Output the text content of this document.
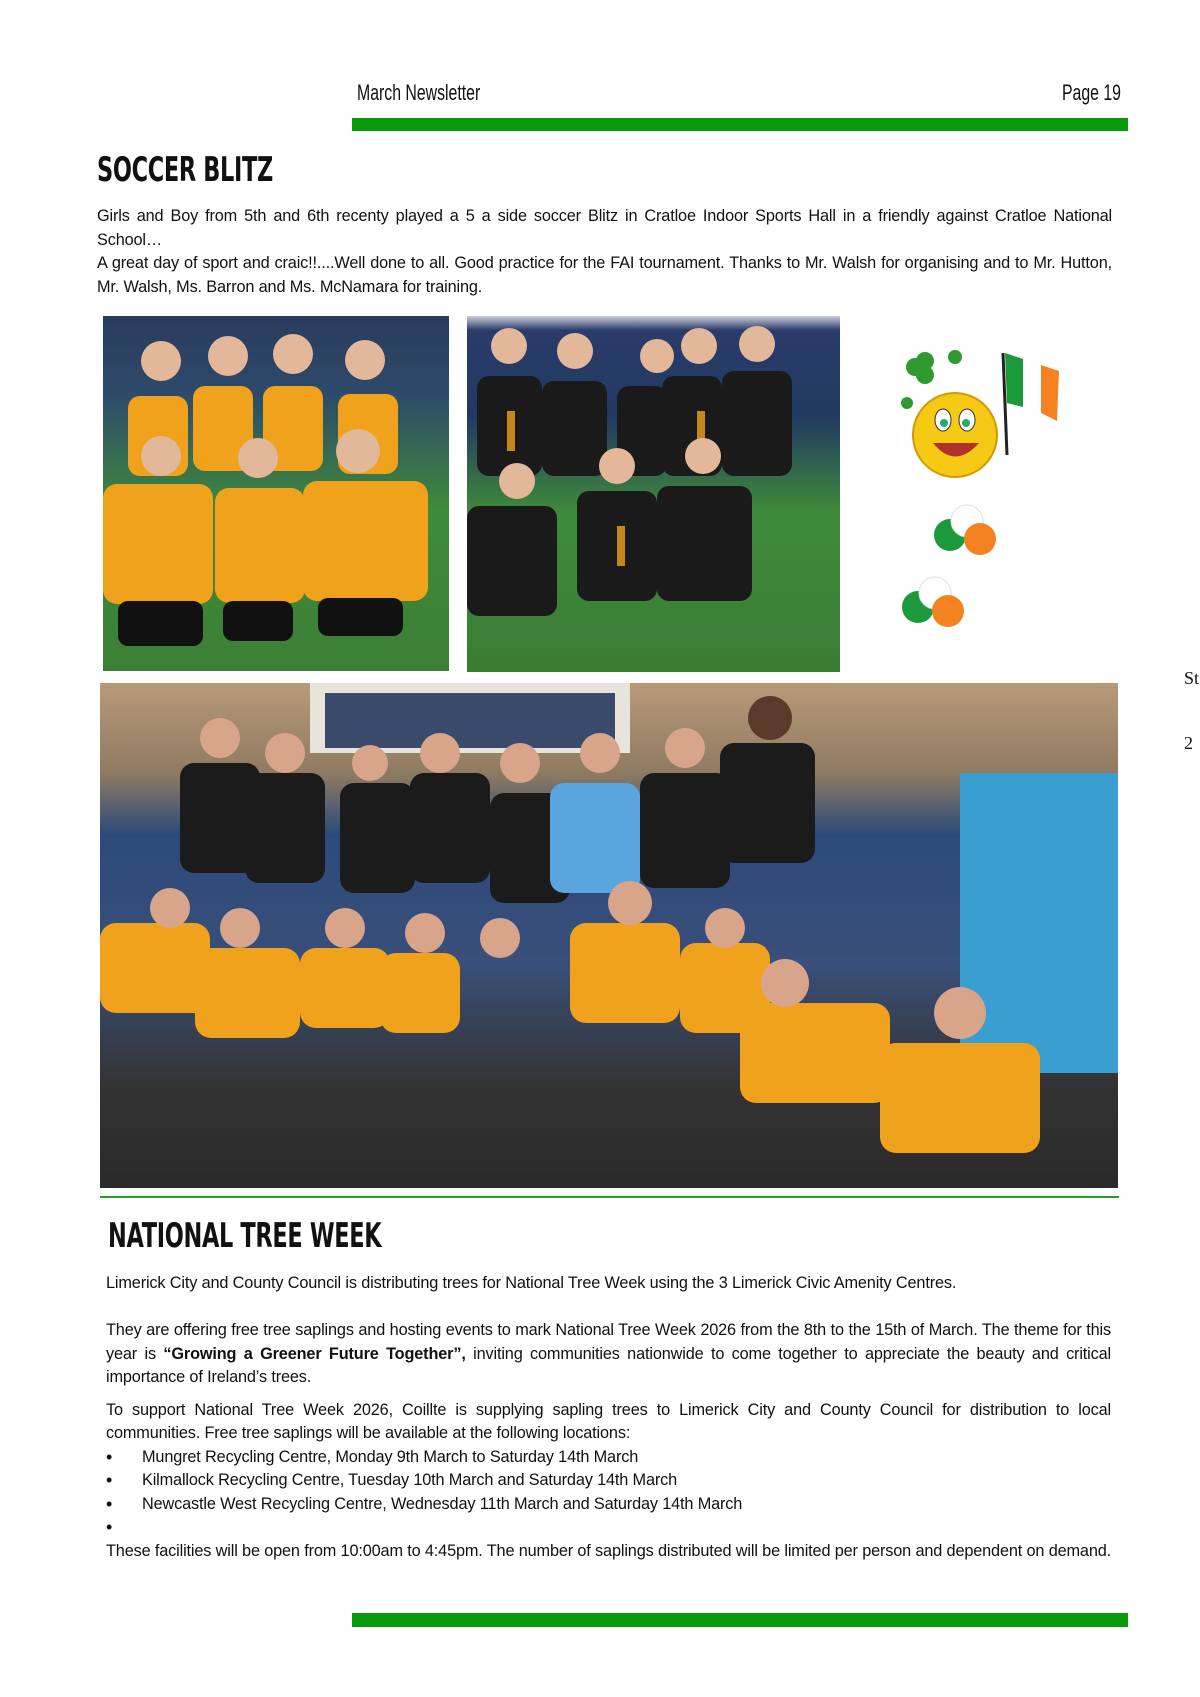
March Newsletter	Page 19
SOCCER BLITZ

Girls and Boy from 5th and 6th recenty played a 5 a side soccer Blitz in Cratloe Indoor Sports Hall in a friendly against Cratloe National School…

A great day of sport and craic!!....Well done to all. Good practice for the FAI tournament. Thanks to Mr. Walsh for organising and to Mr. Hutton, Mr. Walsh, Ms. Barron and Ms. McNamara for training.

St
2
NATIONAL TREE WEEK

Limerick City and County Council is distributing trees for National Tree Week using the 3 Limerick Civic Amenity Centres.

They are offering free tree saplings and hosting events to mark National Tree Week 2026 from the 8th to the 15th of March. The theme for this year is “Growing a Greener Future Together”, inviting communities nationwide to come together to appreciate the beauty and critical importance of Ireland’s trees.

To support National Tree Week 2026, Coillte is supplying sapling trees to Limerick City and County Council for distribution to local communities. Free tree saplings will be available at the following locations:

• Mungret Recycling Centre, Monday 9th March to Saturday 14th March
• Kilmallock Recycling Centre, Tuesday 10th March and Saturday 14th March
• Newcastle West Recycling Centre, Wednesday 11th March and Saturday 14th March
•

These facilities will be open from 10:00am to 4:45pm. The number of saplings distributed will be limited per person and dependent on demand.
